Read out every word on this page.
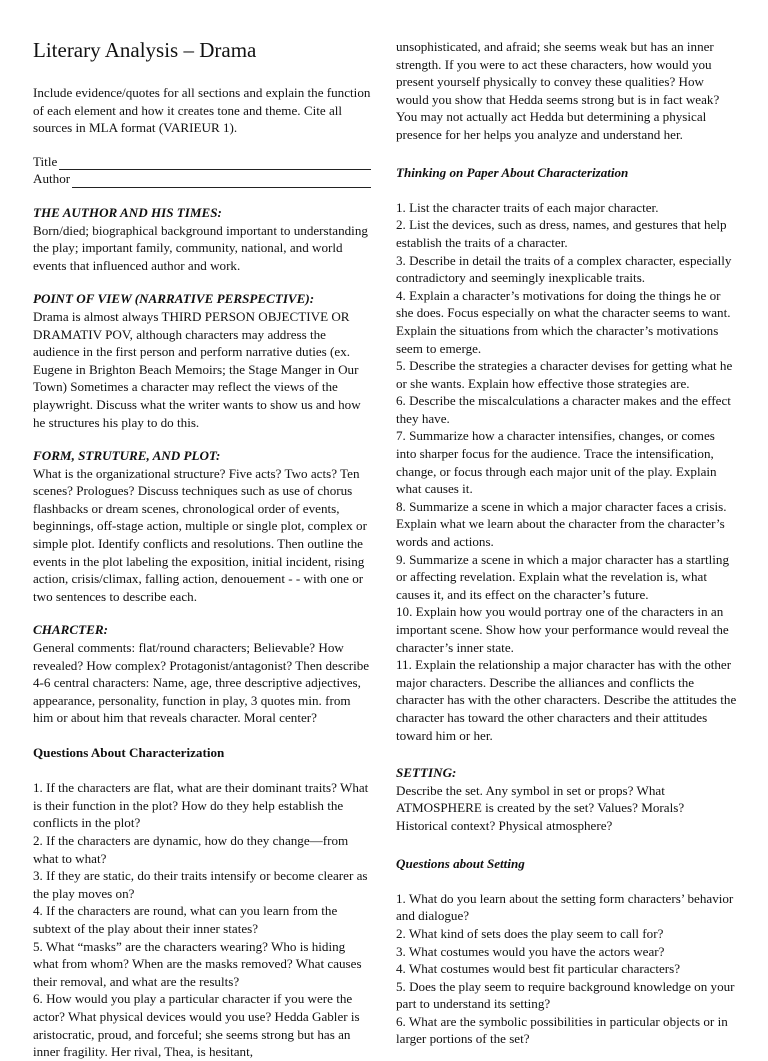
Literary Analysis – Drama

Include evidence/quotes for all sections and explain the function of each element and how it creates tone and theme. Cite all sources in MLA format (VARIEUR 1).

Title
Author

THE AUTHOR AND HIS TIMES:

Born/died; biographical background important to understanding the play; important family, community, national, and world events that influenced author and work.

POINT OF VIEW (NARRATIVE PERSPECTIVE):

Drama is almost always THIRD PERSON OBJECTIVE OR DRAMATIV POV, although characters may address the audience in the first person and perform narrative duties (ex. Eugene in Brighton Beach Memoirs; the Stage Manger in Our Town) Sometimes a character may reflect the views of the playwright. Discuss what the writer wants to show us and how he structures his play to do this.

FORM, STRUTURE, AND PLOT:

What is the organizational structure? Five acts? Two acts? Ten scenes? Prologues? Discuss techniques such as use of chorus flashbacks or dream scenes, chronological order of events, beginnings, off-stage action, multiple or single plot, complex or simple plot. Identify conflicts and resolutions. Then outline the events in the plot labeling the exposition, initial incident, rising action, crisis/climax, falling action, denouement - - with one or two sentences to describe each.

CHARCTER:

General comments: flat/round characters; Believable? How revealed? How complex? Protagonist/antagonist? Then describe 4-6 central characters: Name, age, three descriptive adjectives, appearance, personality, function in play, 3 quotes min. from him or about him that reveals character. Moral center?

Questions About Characterization

1. If the characters are flat, what are their dominant traits? What is their function in the plot? How do they help establish the conflicts in the plot?
2. If the characters are dynamic, how do they change—from what to what?
3. If they are static, do their traits intensify or become clearer as the play moves on?
4. If the characters are round, what can you learn from the subtext of the play about their inner states?
5. What “masks” are the characters wearing? Who is hiding what from whom? When are the masks removed? What causes their removal, and what are the results?
6. How would you play a particular character if you were the actor? What physical devices would you use? Hedda Gabler is aristocratic, proud, and forceful; she seems strong but has an inner fragility. Her rival, Thea, is hesitant,

unsophisticated, and afraid; she seems weak but has an inner strength. If you were to act these characters, how would you present yourself physically to convey these qualities? How would you show that Hedda seems strong but is in fact weak? You may not actually act Hedda but determining a physical presence for her helps you analyze and understand her.

Thinking on Paper About Characterization

1. List the character traits of each major character.
2. List the devices, such as dress, names, and gestures that help establish the traits of a character.
3. Describe in detail the traits of a complex character, especially contradictory and seemingly inexplicable traits.
4. Explain a character’s motivations for doing the things he or she does. Focus especially on what the character seems to want. Explain the situations from which the character’s motivations seem to emerge.
5. Describe the strategies a character devises for getting what he or she wants. Explain how effective those strategies are.
6. Describe the miscalculations a character makes and the effect they have.
7. Summarize how a character intensifies, changes, or comes into sharper focus for the audience. Trace the intensification, change, or focus through each major unit of the play. Explain what causes it.
8. Summarize a scene in which a major character faces a crisis. Explain what we learn about the character from the character’s words and actions.
9. Summarize a scene in which a major character has a startling or affecting revelation. Explain what the revelation is, what causes it, and its effect on the character’s future.
10. Explain how you would portray one of the characters in an important scene. Show how your performance would reveal the character’s inner state.
11. Explain the relationship a major character has with the other major characters. Describe the alliances and conflicts the character has with the other characters. Describe the attitudes the character has toward the other characters and their attitudes toward him or her.

SETTING:

Describe the set. Any symbol in set or props? What ATMOSPHERE is created by the set? Values? Morals? Historical context? Physical atmosphere?

Questions about Setting

1. What do you learn about the setting form characters’ behavior and dialogue?
2. What kind of sets does the play seem to call for?
3. What costumes would you have the actors wear?
4. What costumes would best fit particular characters?
5. Does the play seem to require background knowledge on your part to understand its setting?
6. What are the symbolic possibilities in particular objects or in larger portions of the set?
